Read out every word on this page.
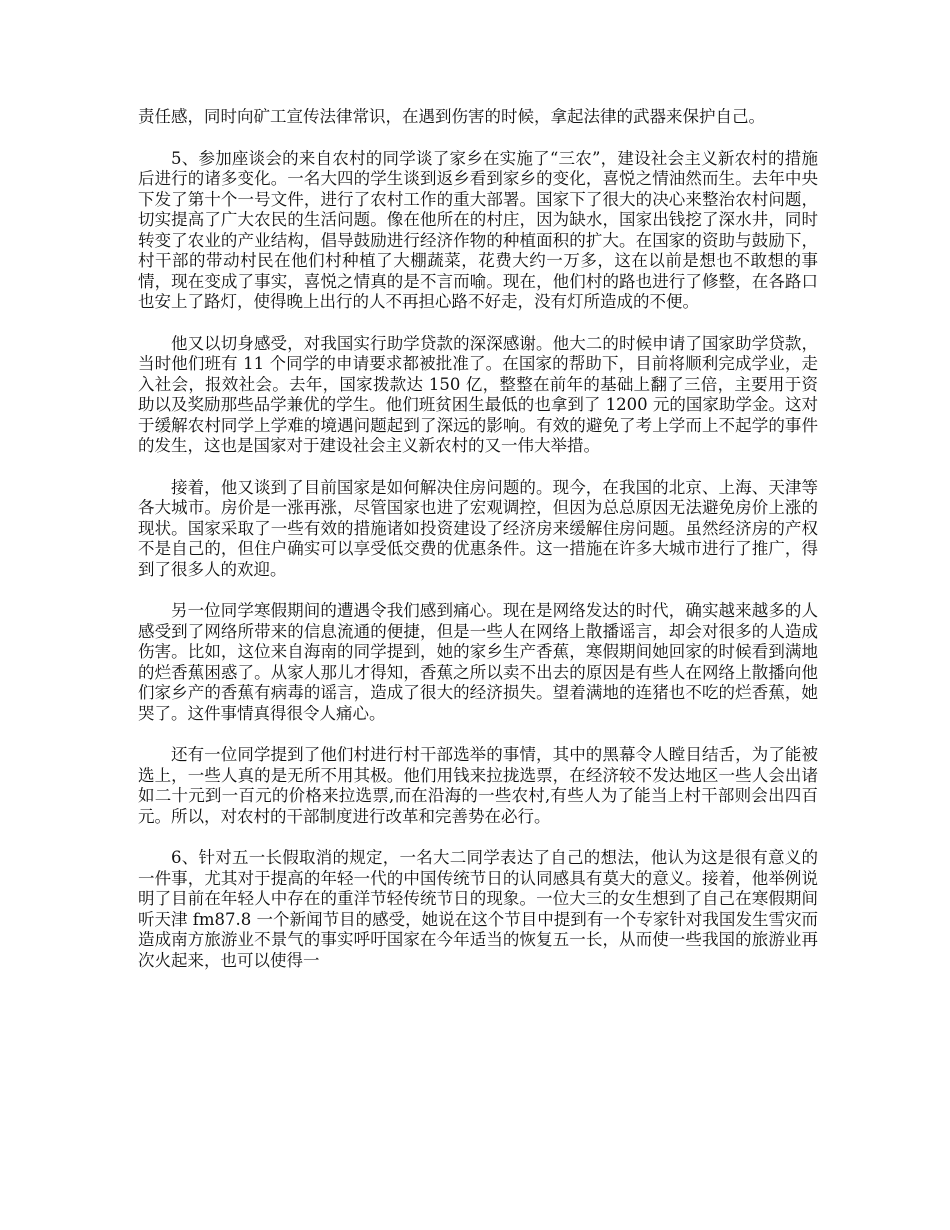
责任感，同时向矿工宣传法律常识，在遇到伤害的时候，拿起法律的武器来保护自己。

5、参加座谈会的来自农村的同学谈了家乡在实施了“三农”，建设社会主义新农村的措施后进行的诸多变化。一名大四的学生谈到返乡看到家乡的变化，喜悦之情油然而生。去年中央下发了第十个一号文件，进行了农村工作的重大部署。国家下了很大的决心来整治农村问题，切实提高了广大农民的生活问题。像在他所在的村庄，因为缺水，国家出钱挖了深水井，同时转变了农业的产业结构，倡导鼓励进行经济作物的种植面积的扩大。在国家的资助与鼓励下，村干部的带动村民在他们村种植了大棚蔬菜，花费大约一万多，这在以前是想也不敢想的事情，现在变成了事实，喜悦之情真的是不言而喻。现在，他们村的路也进行了修整，在各路口也安上了路灯，使得晚上出行的人不再担心路不好走，没有灯所造成的不便。

他又以切身感受，对我国实行助学贷款的深深感谢。他大二的时候申请了国家助学贷款，当时他们班有 11 个同学的申请要求都被批准了。在国家的帮助下，目前将顺利完成学业，走入社会，报效社会。去年，国家拨款达 150 亿，整整在前年的基础上翻了三倍，主要用于资助以及奖励那些品学兼优的学生。他们班贫困生最低的也拿到了 1200 元的国家助学金。这对于缓解农村同学上学难的境遇问题起到了深远的影响。有效的避免了考上学而上不起学的事件的发生，这也是国家对于建设社会主义新农村的又一伟大举措。

接着，他又谈到了目前国家是如何解决住房问题的。现今，在我国的北京、上海、天津等各大城市。房价是一涨再涨，尽管国家也进了宏观调控，但因为总总原因无法避免房价上涨的现状。国家采取了一些有效的措施诸如投资建设了经济房来缓解住房问题。虽然经济房的产权不是自己的，但住户确实可以享受低交费的优惠条件。这一措施在许多大城市进行了推广，得到了很多人的欢迎。

另一位同学寒假期间的遭遇令我们感到痛心。现在是网络发达的时代，确实越来越多的人感受到了网络所带来的信息流通的便捷，但是一些人在网络上散播谣言，却会对很多的人造成伤害。比如，这位来自海南的同学提到，她的家乡生产香蕉，寒假期间她回家的时候看到满地的烂香蕉困惑了。从家人那儿才得知，香蕉之所以卖不出去的原因是有些人在网络上散播向他们家乡产的香蕉有病毒的谣言，造成了很大的经济损失。望着满地的连猪也不吃的烂香蕉，她哭了。这件事情真得很令人痛心。

还有一位同学提到了他们村进行村干部选举的事情，其中的黑幕令人瞠目结舌，为了能被选上，一些人真的是无所不用其极。他们用钱来拉拢选票，在经济较不发达地区一些人会出诸如二十元到一百元的价格来拉选票,而在沿海的一些农村,有些人为了能当上村干部则会出四百元。所以，对农村的干部制度进行改革和完善势在必行。

6、针对五一长假取消的规定，一名大二同学表达了自己的想法，他认为这是很有意义的一件事，尤其对于提高的年轻一代的中国传统节日的认同感具有莫大的意义。接着，他举例说明了目前在年轻人中存在的重洋节轻传统节日的现象。一位大三的女生想到了自己在寒假期间听天津 fm87.8 一个新闻节目的感受，她说在这个节目中提到有一个专家针对我国发生雪灾而造成南方旅游业不景气的事实呼吁国家在今年适当的恢复五一长，从而使一些我国的旅游业再次火起来，也可以使得一
